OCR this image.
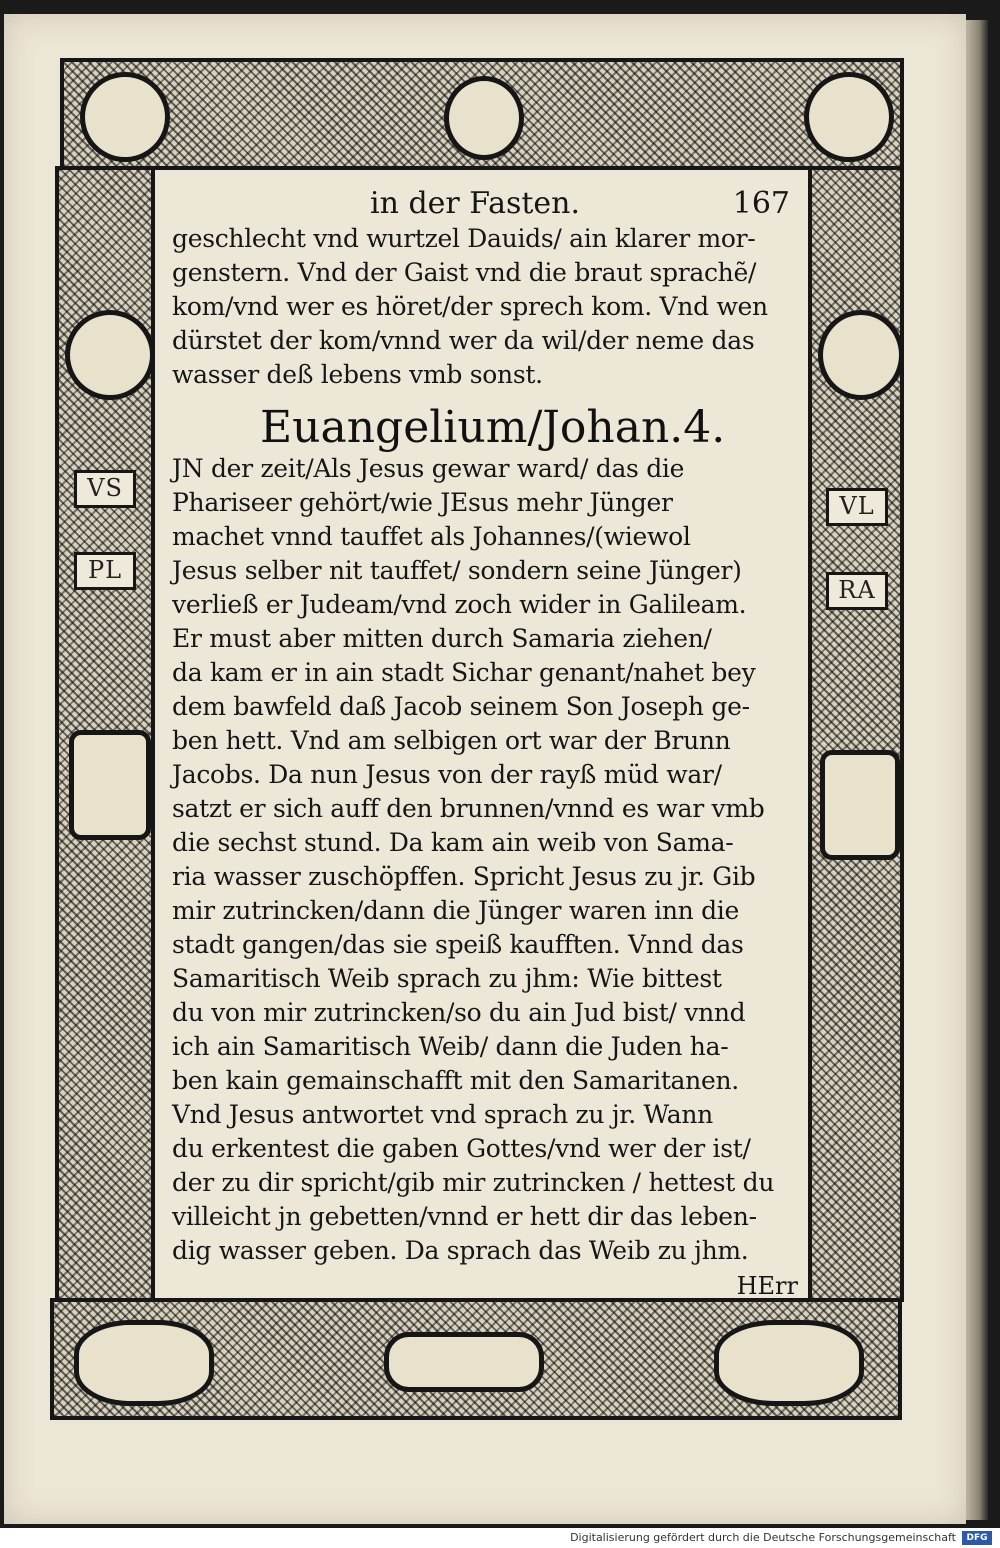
VS
PL
VL
RA
in der Fasten.	167
geschlecht vnd wurtzel Dauids/ ain klarer mor-
genstern. Vnd der Gaist vnd die braut sprachẽ/
kom/vnd wer es höret/der sprech kom. Vnd wen
dürstet der kom/vnnd wer da wil/der neme das
wasser deß lebens vmb sonst.
Euangelium/Johan.4.
JN der zeit/Als Jesus gewar ward/ das die
Phariseer gehört/wie JEsus mehr Jünger
machet vnnd tauffet als Johannes/(wiewol
Jesus selber nit tauffet/ sondern seine Jünger)
verließ er Judeam/vnd zoch wider in Galileam.
Er must aber mitten durch Samaria ziehen/
da kam er in ain stadt Sichar genant/nahet bey
dem bawfeld daß Jacob seinem Son Joseph ge-
ben hett. Vnd am selbigen ort war der Brunn
Jacobs. Da nun Jesus von der rayß müd war/
satzt er sich auff den brunnen/vnnd es war vmb
die sechst stund. Da kam ain weib von Sama-
ria wasser zuschöpffen. Spricht Jesus zu jr. Gib
mir zutrincken/dann die Jünger waren inn die
stadt gangen/das sie speiß kaufften. Vnnd das
Samaritisch Weib sprach zu jhm: Wie bittest
du von mir zutrincken/so du ain Jud bist/ vnnd
ich ain Samaritisch Weib/ dann die Juden ha-
ben kain gemainschafft mit den Samaritanen.
Vnd Jesus antwortet vnd sprach zu jr. Wann
du erkentest die gaben Gottes/vnd wer der ist/
der zu dir spricht/gib mir zutrincken / hettest du
villeicht jn gebetten/vnnd er hett dir das leben-
dig wasser geben. Da sprach das Weib zu jhm.
HErr
Digitalisierung gefördert durch die Deutsche Forschungsgemeinschaft	DFG
